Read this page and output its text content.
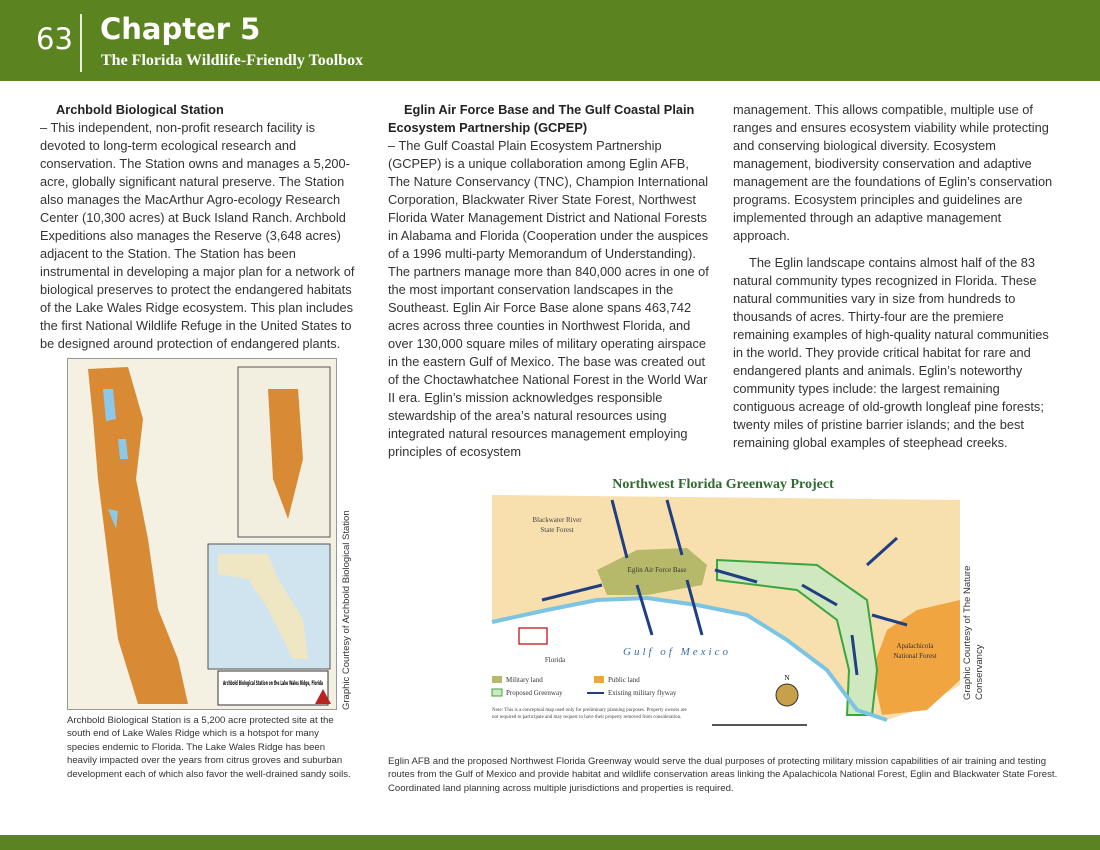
63 Chapter 5
The Florida Wildlife-Friendly Toolbox
Archbold Biological Station
– This independent, non-profit research facility is devoted to long-term ecological research and conservation. The Station owns and manages a 5,200-acre, globally significant natural preserve. The Station also manages the MacArthur Agro-ecology Research Center (10,300 acres) at Buck Island Ranch. Archbold Expeditions also manages the Reserve (3,648 acres) adjacent to the Station. The Station has been instrumental in developing a major plan for a network of biological preserves to protect the endangered habitats of the Lake Wales Ridge ecosystem. This plan includes the first National Wildlife Refuge in the United States to be designed around protection of endangered plants.
Eglin Air Force Base and The Gulf Coastal Plain Ecosystem Partnership (GCPEP)
– The Gulf Coastal Plain Ecosystem Partnership (GCPEP) is a unique collaboration among Eglin AFB, The Nature Conservancy (TNC), Champion International Corporation, Blackwater River State Forest, Northwest Florida Water Management District and National Forests in Alabama and Florida (Cooperation under the auspices of a 1996 multi-party Memorandum of Understanding). The partners manage more than 840,000 acres in one of the most important conservation landscapes in the Southeast. Eglin Air Force Base alone spans 463,742 acres across three counties in Northwest Florida, and over 130,000 square miles of military operating airspace in the eastern Gulf of Mexico. The base was created out of the Choctawhatchee National Forest in the World War II era. Eglin’s mission acknowledges responsible stewardship of the area’s natural resources using integrated natural resources management employing principles of ecosystem

management. This allows compatible, multiple use of ranges and ensures ecosystem viability while protecting and conserving biological diversity. Ecosystem management, biodiversity conservation and adaptive management are the foundations of Eglin’s conservation programs. Ecosystem principles and guidelines are implemented through an adaptive management approach.

The Eglin landscape contains almost half of the 83 natural community types recognized in Florida. These natural communities vary in size from hundreds to thousands of acres. Thirty-four are the premiere remaining examples of high-quality natural communities in the world. They provide critical habitat for rare and endangered plants and animals. Eglin’s noteworthy community types include: the largest remaining contiguous acreage of old-growth longleaf pine forests; twenty miles of pristine barrier islands; and the best remaining global examples of steephead creeks.

Archbold Biological Station on the Lake Wales Ridge, Florida Graphic Courtesy of Archbold Biological Station
Archbold Biological Station is a 5,200 acre protected site at the south end of Lake Wales Ridge which is a hotspot for many species endemic to Florida. The Lake Wales Ridge has been heavily impacted over the years from citrus groves and suburban development each of which also favor the well-drained sandy soils.
Northwest Florida Greenway Project
Blackwater River
State Forest
Eglin Air Force Base
Apalachicola
National Forest
Florida
Gulf of Mexico
N
Military land
Proposed Greenway
Public land
Existing military flyway
Note: This is a conceptual map used only for preliminary planning purposes. Property owners are not required to participate and may request to have their property removed from consideration.
Graphic Courtesy of The Nature Conservancy
Eglin AFB and the proposed Northwest Florida Greenway would serve the dual purposes of protecting military mission capabilities of air training and testing routes from the Gulf of Mexico and provide habitat and wildlife conservation areas linking the Apalachicola National Forest, Eglin and Blackwater State Forest. Coordinated land planning across multiple jurisdictions and properties is required.
